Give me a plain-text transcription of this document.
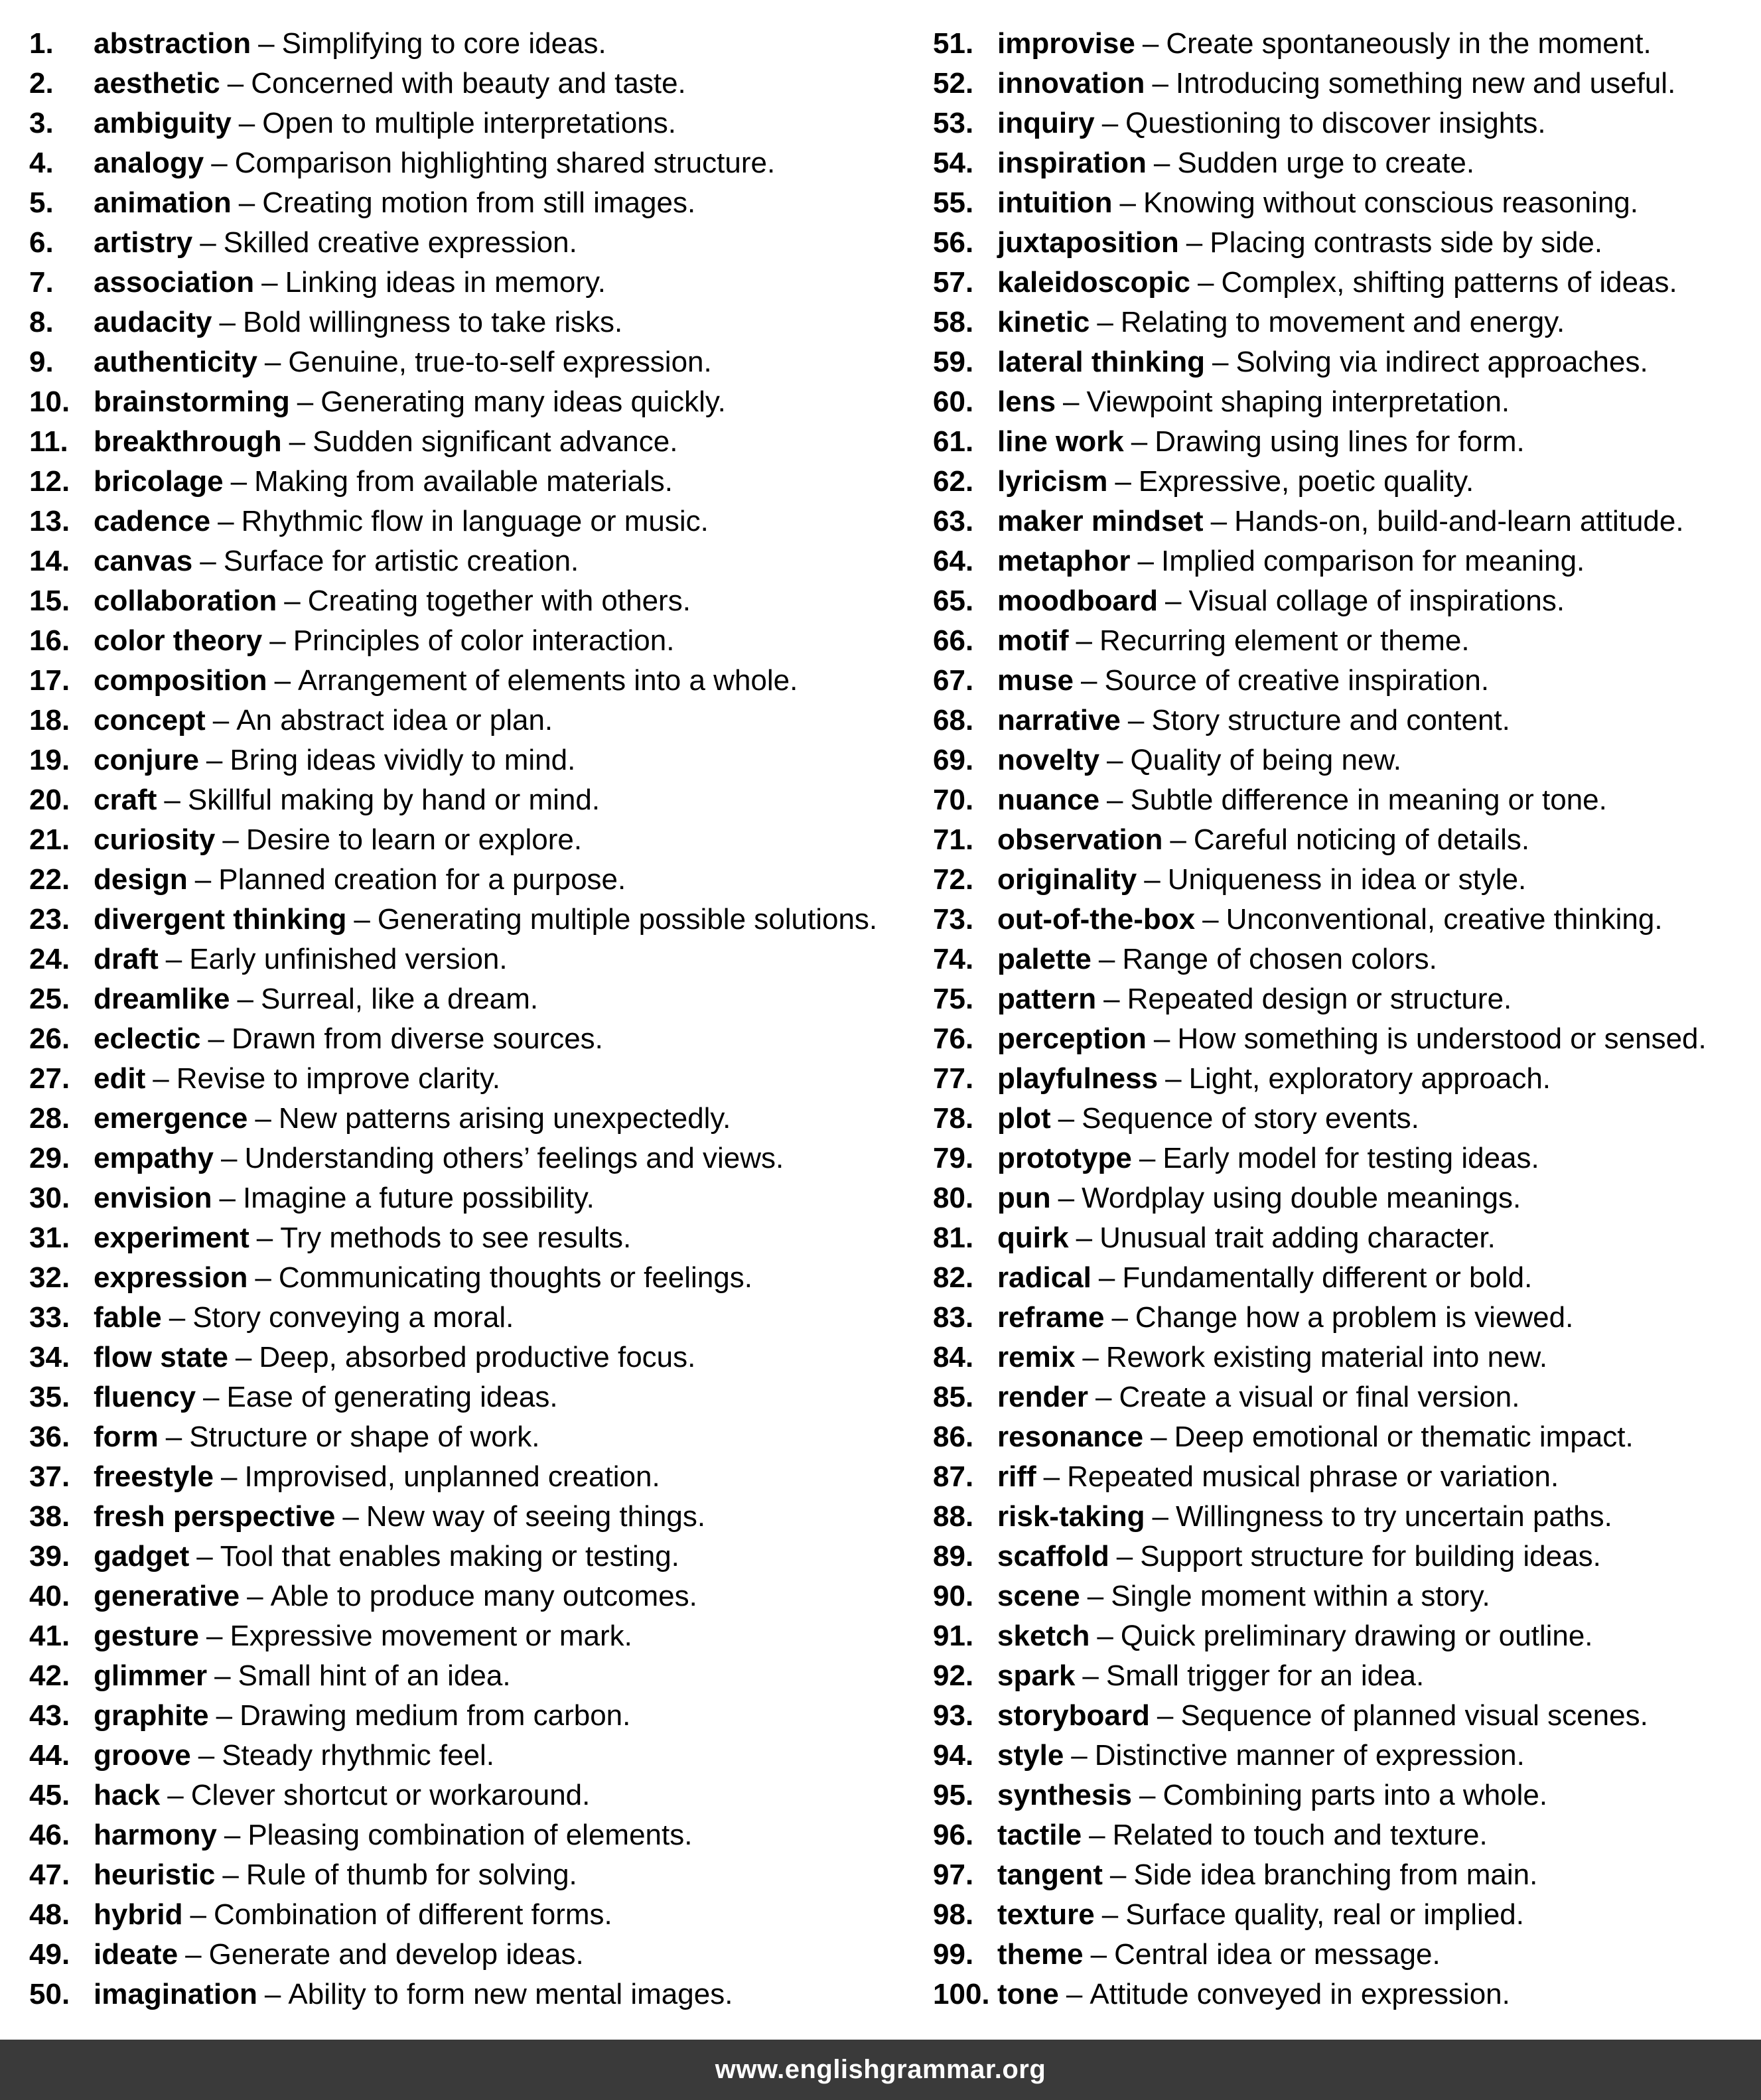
1.	abstraction – Simplifying to core ideas.
2.	aesthetic – Concerned with beauty and taste.
3.	ambiguity – Open to multiple interpretations.
4.	analogy – Comparison highlighting shared structure.
5.	animation – Creating motion from still images.
6.	artistry – Skilled creative expression.
7.	association – Linking ideas in memory.
8.	audacity – Bold willingness to take risks.
9.	authenticity – Genuine, true-to-self expression.
10. brainstorming – Generating many ideas quickly.
11. breakthrough – Sudden significant advance.
12. bricolage – Making from available materials.
13. cadence – Rhythmic flow in language or music.
14. canvas – Surface for artistic creation.
15. collaboration – Creating together with others.
16. color theory – Principles of color interaction.
17. composition – Arrangement of elements into a whole.
18. concept – An abstract idea or plan.
19. conjure – Bring ideas vividly to mind.
20. craft – Skillful making by hand or mind.
21. curiosity – Desire to learn or explore.
22. design – Planned creation for a purpose.
23. divergent thinking – Generating multiple possible solutions.
24. draft – Early unfinished version.
25. dreamlike – Surreal, like a dream.
26. eclectic – Drawn from diverse sources.
27. edit – Revise to improve clarity.
28. emergence – New patterns arising unexpectedly.
29. empathy – Understanding others’ feelings and views.
30. envision – Imagine a future possibility.
31. experiment – Try methods to see results.
32. expression – Communicating thoughts or feelings.
33. fable – Story conveying a moral.
34. flow state – Deep, absorbed productive focus.
35. fluency – Ease of generating ideas.
36. form – Structure or shape of work.
37. freestyle – Improvised, unplanned creation.
38. fresh perspective – New way of seeing things.
39. gadget – Tool that enables making or testing.
40. generative – Able to produce many outcomes.
41. gesture – Expressive movement or mark.
42. glimmer – Small hint of an idea.
43. graphite – Drawing medium from carbon.
44. groove – Steady rhythmic feel.
45. hack – Clever shortcut or workaround.
46. harmony – Pleasing combination of elements.
47. heuristic – Rule of thumb for solving.
48. hybrid – Combination of different forms.
49. ideate – Generate and develop ideas.
50. imagination – Ability to form new mental images.
51. improvise – Create spontaneously in the moment.
52. innovation – Introducing something new and useful.
53. inquiry – Questioning to discover insights.
54. inspiration – Sudden urge to create.
55. intuition – Knowing without conscious reasoning.
56. juxtaposition – Placing contrasts side by side.
57. kaleidoscopic – Complex, shifting patterns of ideas.
58. kinetic – Relating to movement and energy.
59. lateral thinking – Solving via indirect approaches.
60. lens – Viewpoint shaping interpretation.
61. line work – Drawing using lines for form.
62. lyricism – Expressive, poetic quality.
63. maker mindset – Hands-on, build-and-learn attitude.
64. metaphor – Implied comparison for meaning.
65. moodboard – Visual collage of inspirations.
66. motif – Recurring element or theme.
67. muse – Source of creative inspiration.
68. narrative – Story structure and content.
69. novelty – Quality of being new.
70. nuance – Subtle difference in meaning or tone.
71. observation – Careful noticing of details.
72. originality – Uniqueness in idea or style.
73. out-of-the-box – Unconventional, creative thinking.
74. palette – Range of chosen colors.
75. pattern – Repeated design or structure.
76. perception – How something is understood or sensed.
77. playfulness – Light, exploratory approach.
78. plot – Sequence of story events.
79. prototype – Early model for testing ideas.
80. pun – Wordplay using double meanings.
81. quirk – Unusual trait adding character.
82. radical – Fundamentally different or bold.
83. reframe – Change how a problem is viewed.
84. remix – Rework existing material into new.
85. render – Create a visual or final version.
86. resonance – Deep emotional or thematic impact.
87. riff – Repeated musical phrase or variation.
88. risk-taking – Willingness to try uncertain paths.
89. scaffold – Support structure for building ideas.
90. scene – Single moment within a story.
91. sketch – Quick preliminary drawing or outline.
92. spark – Small trigger for an idea.
93. storyboard – Sequence of planned visual scenes.
94. style – Distinctive manner of expression.
95. synthesis – Combining parts into a whole.
96. tactile – Related to touch and texture.
97. tangent – Side idea branching from main.
98. texture – Surface quality, real or implied.
99. theme – Central idea or message.
100. tone – Attitude conveyed in expression.
www.englishgrammar.org
